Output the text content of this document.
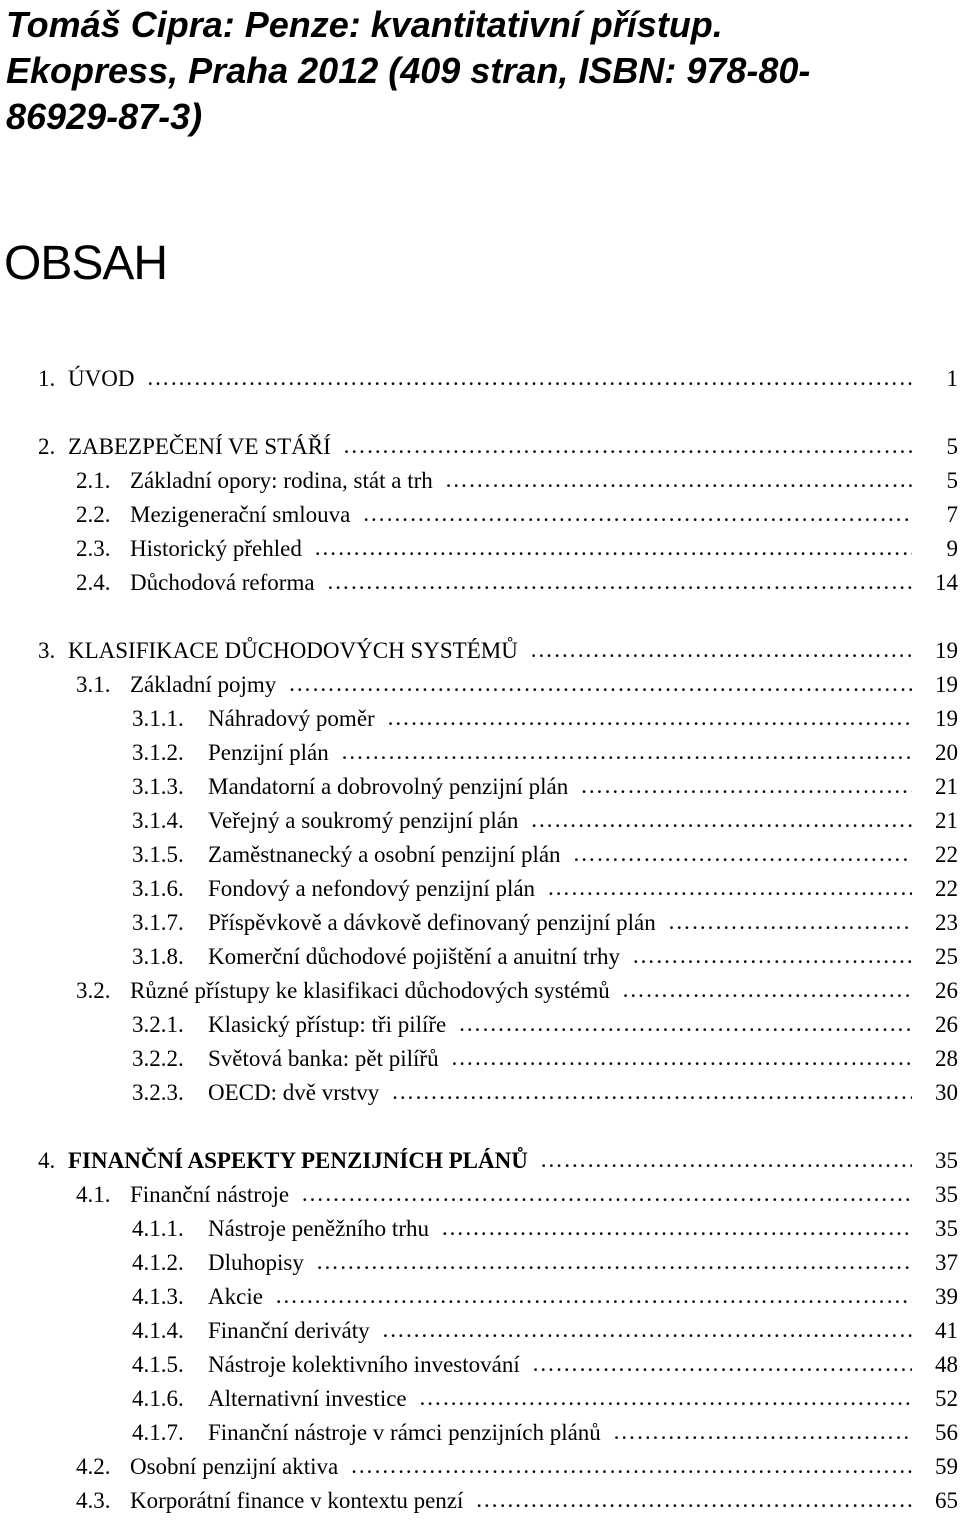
Tomáš Cipra: Penze: kvantitativní přístup.
Ekopress, Praha 2012 (409 stran, ISBN: 978-80-
86929-87-3)
OBSAH
1. ÚVOD ………………………………………………………………………………………………………………………………………………………………	1
2. ZABEZPEČENÍ VE STÁŘÍ ………………………………………………………………………………………………………………………………………………………………	5
2.1. Základní opory: rodina, stát a trh ………………………………………………………………………………………………………………………………………………………………	5
2.2. Mezigenerační smlouva ………………………………………………………………………………………………………………………………………………………………	7
2.3. Historický přehled ………………………………………………………………………………………………………………………………………………………………	9
2.4. Důchodová reforma ………………………………………………………………………………………………………………………………………………………………	14
3. KLASIFIKACE DŮCHODOVÝCH SYSTÉMŮ ………………………………………………………………………………………………………………………………………………………………	19
3.1. Základní pojmy ………………………………………………………………………………………………………………………………………………………………	19
3.1.1.	Náhradový poměr ………………………………………………………………………………………………………………………………………………………………	19
3.1.2.	Penzijní plán ………………………………………………………………………………………………………………………………………………………………	20
3.1.3.	Mandatorní a dobrovolný penzijní plán ………………………………………………………………………………………………………………………………………………………………	21
3.1.4.	Veřejný a soukromý penzijní plán ………………………………………………………………………………………………………………………………………………………………	21
3.1.5.	Zaměstnanecký a osobní penzijní plán ………………………………………………………………………………………………………………………………………………………………	22
3.1.6.	Fondový a nefondový penzijní plán ………………………………………………………………………………………………………………………………………………………………	22
3.1.7.	Příspěvkově a dávkově definovaný penzijní plán ………………………………………………………………………………………………………………………………………………………………	23
3.1.8.	Komerční důchodové pojištění a anuitní trhy ………………………………………………………………………………………………………………………………………………………………	25
3.2. Různé přístupy ke klasifikaci důchodových systémů ………………………………………………………………………………………………………………………………………………………………	26
3.2.1.	Klasický přístup: tři pilíře ………………………………………………………………………………………………………………………………………………………………	26
3.2.2.	Světová banka: pět pilířů ………………………………………………………………………………………………………………………………………………………………	28
3.2.3.	OECD: dvě vrstvy ………………………………………………………………………………………………………………………………………………………………	30
4. FINANČNÍ ASPEKTY PENZIJNÍCH PLÁNŮ ………………………………………………………………………………………………………………………………………………………………	35
4.1. Finanční nástroje ………………………………………………………………………………………………………………………………………………………………	35
4.1.1.	Nástroje peněžního trhu ………………………………………………………………………………………………………………………………………………………………	35
4.1.2.	Dluhopisy ………………………………………………………………………………………………………………………………………………………………	37
4.1.3.	Akcie ………………………………………………………………………………………………………………………………………………………………	39
4.1.4.	Finanční deriváty ………………………………………………………………………………………………………………………………………………………………	41
4.1.5.	Nástroje kolektivního investování ………………………………………………………………………………………………………………………………………………………………	48
4.1.6.	Alternativní investice ………………………………………………………………………………………………………………………………………………………………	52
4.1.7.	Finanční nástroje v rámci penzijních plánů ………………………………………………………………………………………………………………………………………………………………	56
4.2. Osobní penzijní aktiva ………………………………………………………………………………………………………………………………………………………………	59
4.3. Korporátní finance v kontextu penzí ………………………………………………………………………………………………………………………………………………………………	65
